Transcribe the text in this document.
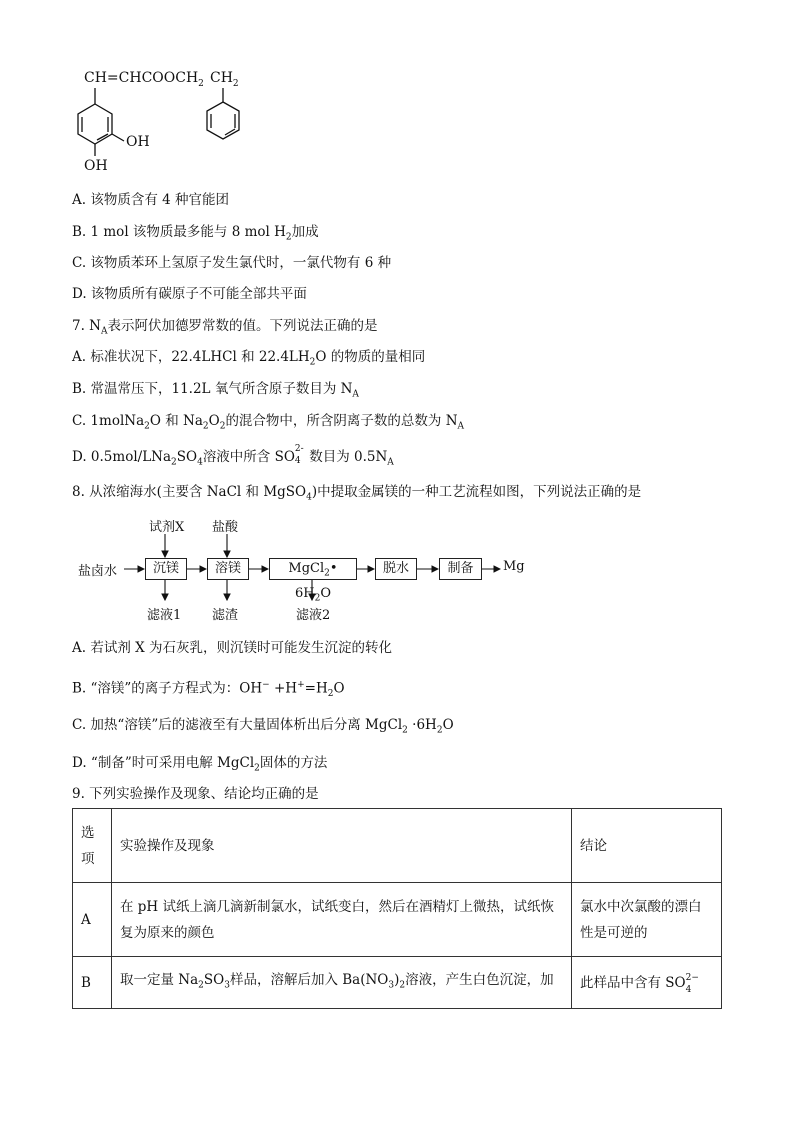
$CH=CHCOOCH_2$ $CH_2$
OH
OH
A. 该物质含有 4 种官能团
B. 1 mol 该物质最多能与 8 mol $H_2$加成
C. 该物质苯环上氢原子发生氯代时，一氯代物有 6 种
D. 该物质所有碳原子不可能全部共平面
7. $N_A$表示阿伏加德罗常数的值。下列说法正确的是
A. 标准状况下，22.4LHCl 和 $22.4LH_2O$ 的物质的量相同
B. 常温常压下，11.2L 氧气所含原子数目为 $N_A$
C. 1molNa$_2$O 和 $Na_2O_2$的混合物中，所含阴离子数的总数为 $N_A$
D. $0.5mol/LNa_2SO_4$溶液中所含 SO 2-
4 数目为 $0.5N_A$
8. 从浓缩海水(主要含 NaCl 和 MgSO$_4$)中提取金属镁的一种工艺流程如图，下列说法正确的是
试剂X 盐酸
盐卤水	沉镁	溶镁	MgCl$_2$• $6H_2O$
脱水	制备	Mg
滤液1 滤渣	滤液2
A. 若试剂 X 为石灰乳，则沉镁时可能发生沉淀的转化
B. “溶镁”的离子方程式为：$OH^- +H^+=H_2O$
C. 加热“溶镁”后的滤液至有大量固体析出后分离 MgCl$_2$ $\cdot 6H_2O$
D. “制备”时可采用电解 MgCl$_2$固体的方法
9. 下列实验操作及现象、结论均正确的是
选
项	实验操作及现象	结论
A	在 pH 试纸上滴几滴新制氯水，试纸变白，然后在酒精灯上微热，试纸恢
复为原来的颜色	氯水中次氯酸的漂白
性是可逆的
B	取一定量 $Na_2SO_3$样品，溶解后加入 $Ba(NO_3)_2$溶液，产生白色沉淀，加	此样品中含有 SO 2−
4
